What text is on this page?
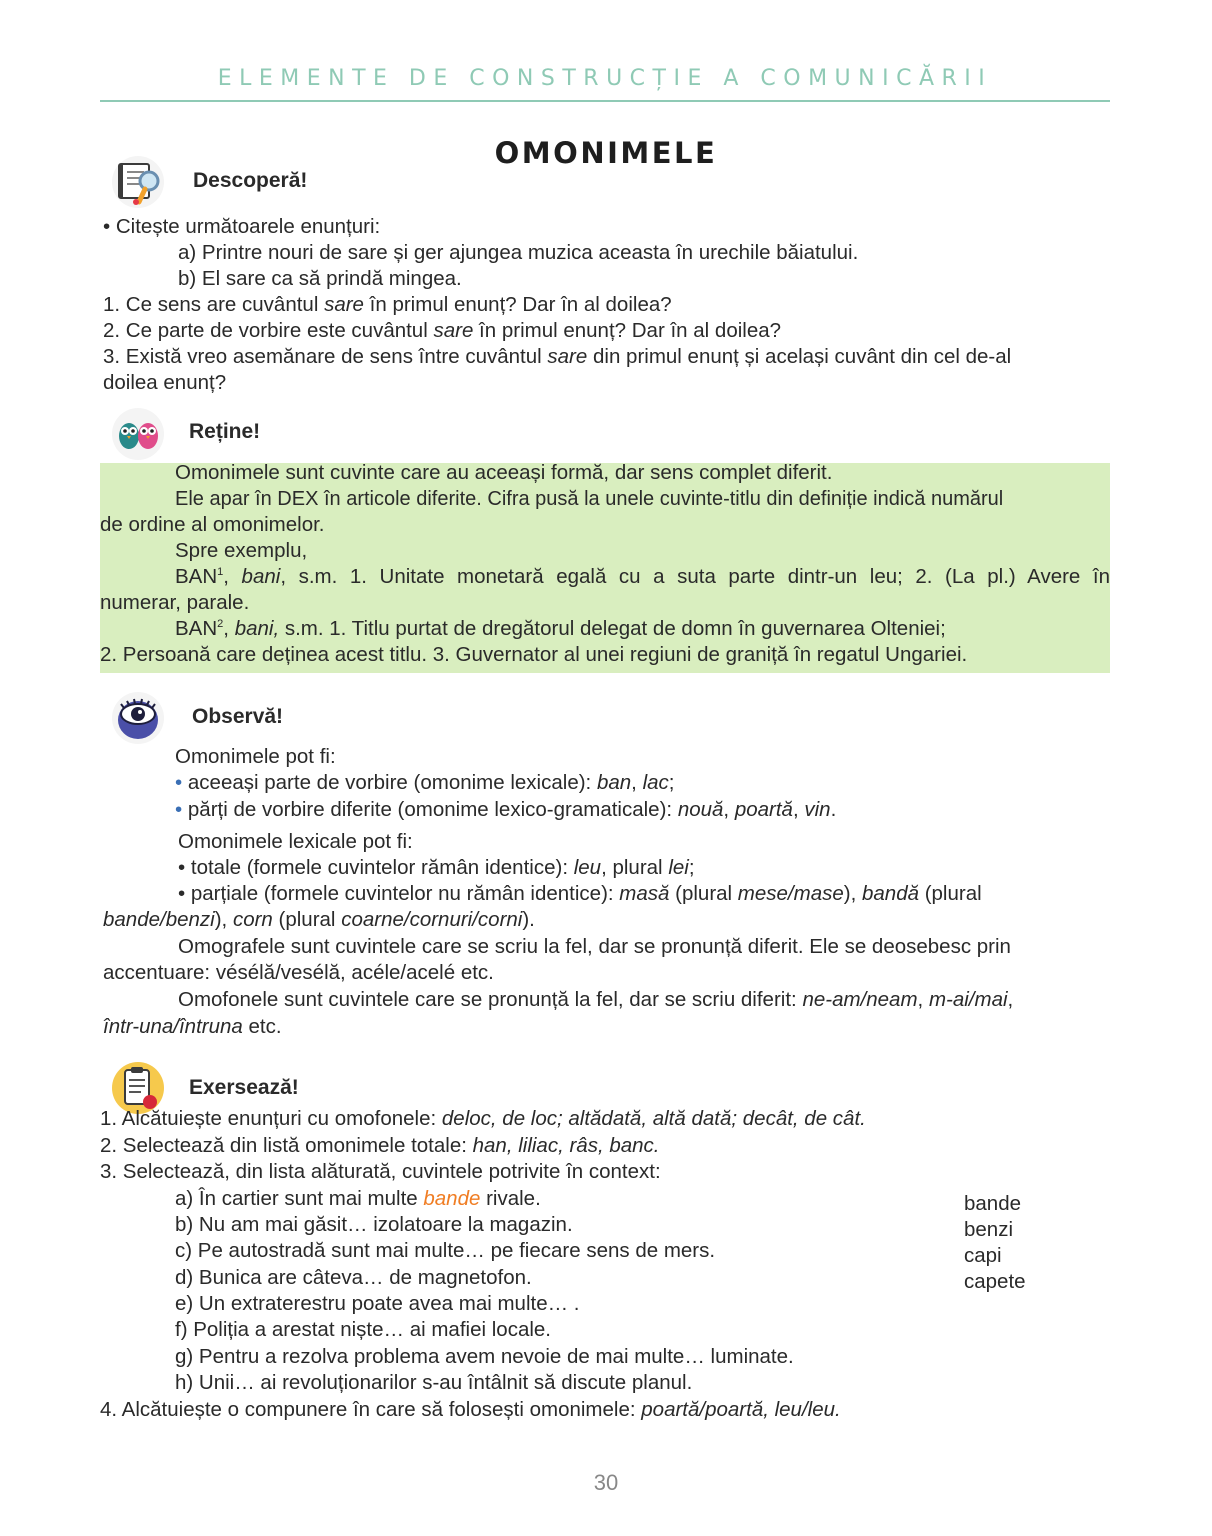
ELEMENTE DE CONSTRUCȚIE A COMUNICĂRII
OMONIMELE
Descoperă!
• Citește următoarele enunțuri:
a) Printre nouri de sare și ger ajungea muzica aceasta în urechile băiatului.
b) El sare ca să prindă mingea.
1. Ce sens are cuvântul sare în primul enunț? Dar în al doilea?
2. Ce parte de vorbire este cuvântul sare în primul enunț? Dar în al doilea?
3. Există vreo asemănare de sens între cuvântul sare din primul enunț și același cuvânt din cel de-al
doilea enunț?
Reține!
Omonimele sunt cuvinte care au aceeași formă, dar sens complet diferit.
Ele apar în DEX în articole diferite. Cifra pusă la unele cuvinte-titlu din definiție indică numărul
de ordine al omonimelor.
Spre exemplu,
BAN$^1$, bani, s.m. 1. Unitate monetară egală cu a suta parte dintr-un leu; 2. (La pl.) Avere în
numerar, parale.
BAN$^2$, bani, s.m. 1. Titlu purtat de dregătorul delegat de domn în guvernarea Olteniei;
2. Persoană care deținea acest titlu. 3. Guvernator al unei regiuni de graniță în regatul Ungariei.
Observă!
Omonimele pot fi:
• aceeași parte de vorbire (omonime lexicale): ban, lac;
• părți de vorbire diferite (omonime lexico-gramaticale): nouă, poartă, vin.
Omonimele lexicale pot fi:
• totale (formele cuvintelor rămân identice): leu, plural lei;
• parțiale (formele cuvintelor nu rămân identice): masă (plural mese/mase), bandă (plural
bande/benzi), corn (plural coarne/cornuri/corni).
Omografele sunt cuvintele care se scriu la fel, dar se pronunță diferit. Ele se deosebesc prin
accentuare: vésélă/vesélă, acéle/acelé etc.
Omofonele sunt cuvintele care se pronunță la fel, dar se scriu diferit: ne-am/neam, m-ai/mai,
într-una/întruna etc.
Exersează!
1. Alcătuiește enunțuri cu omofonele: deloc, de loc; altădată, altă dată; decât, de cât.
2. Selectează din listă omonimele totale: han, liliac, râs, banc.
3. Selectează, din lista alăturată, cuvintele potrivite în context:
a) În cartier sunt mai multe bande rivale.
b) Nu am mai găsit… izolatoare la magazin.
c) Pe autostradă sunt mai multe… pe fiecare sens de mers.
d) Bunica are câteva… de magnetofon.
e) Un extraterestru poate avea mai multe… .
f) Poliția a arestat niște… ai mafiei locale.
g) Pentru a rezolva problema avem nevoie de mai multe… luminate.
h) Unii… ai revoluționarilor s-au întâlnit să discute planul.
4. Alcătuiește o compunere în care să folosești omonimele: poartă/poartă, leu/leu.
bande
benzi
capi
capete
30
